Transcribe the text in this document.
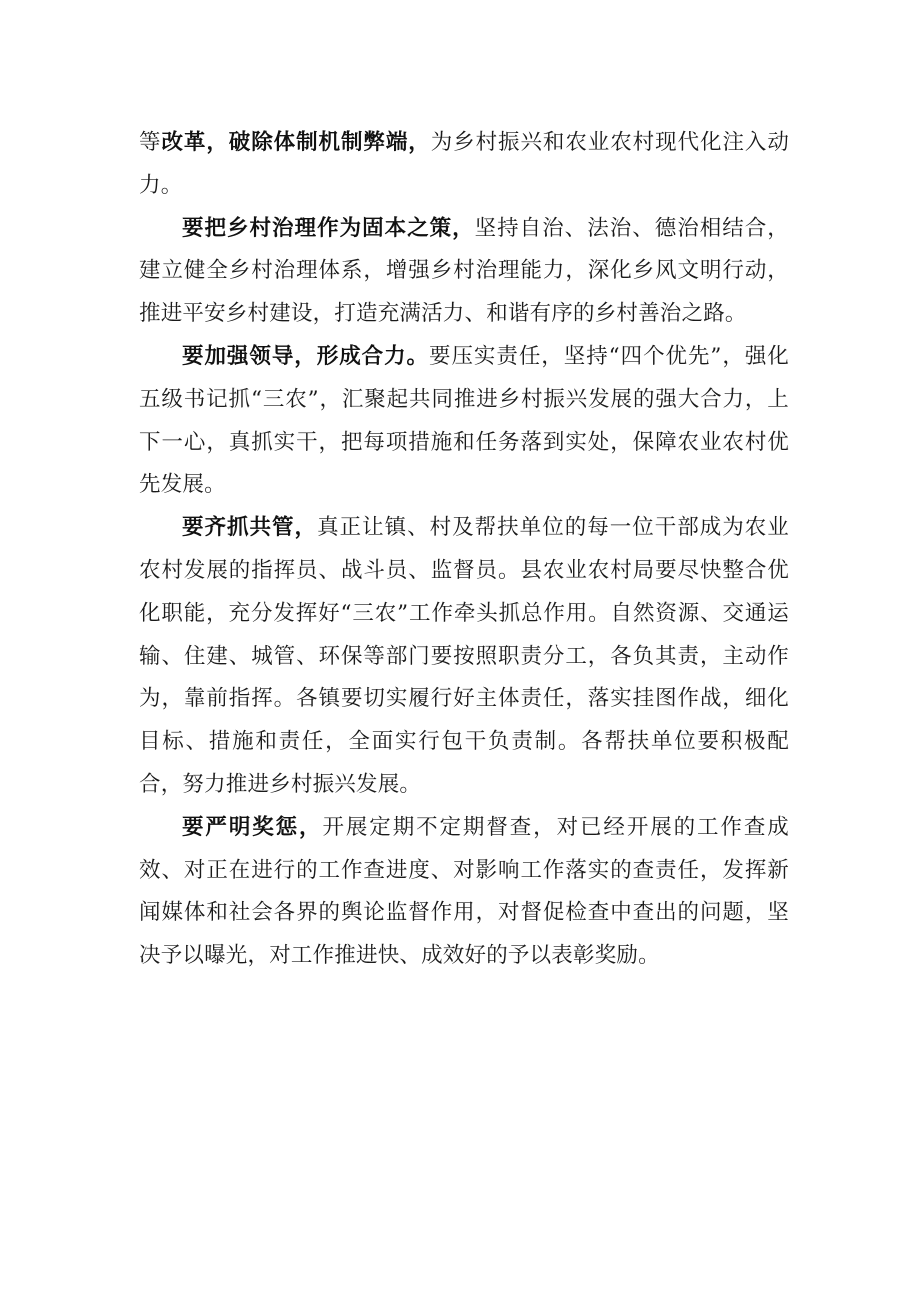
等改革，破除体制机制弊端，为乡村振兴和农业农村现代化注入动力。

要把乡村治理作为固本之策，坚持自治、法治、德治相结合，建立健全乡村治理体系，增强乡村治理能力，深化乡风文明行动，推进平安乡村建设，打造充满活力、和谐有序的乡村善治之路。

要加强领导，形成合力。要压实责任，坚持“四个优先”，强化五级书记抓“三农”，汇聚起共同推进乡村振兴发展的强大合力，上下一心，真抓实干，把每项措施和任务落到实处，保障农业农村优先发展。

要齐抓共管，真正让镇、村及帮扶单位的每一位干部成为农业农村发展的指挥员、战斗员、监督员。县农业农村局要尽快整合优化职能，充分发挥好“三农”工作牵头抓总作用。自然资源、交通运输、住建、城管、环保等部门要按照职责分工，各负其责，主动作为，靠前指挥。各镇要切实履行好主体责任，落实挂图作战，细化目标、措施和责任，全面实行包干负责制。各帮扶单位要积极配合，努力推进乡村振兴发展。

要严明奖惩，开展定期不定期督查，对已经开展的工作查成效、对正在进行的工作查进度、对影响工作落实的查责任，发挥新闻媒体和社会各界的舆论监督作用，对督促检查中查出的问题，坚决予以曝光，对工作推进快、成效好的予以表彰奖励。
